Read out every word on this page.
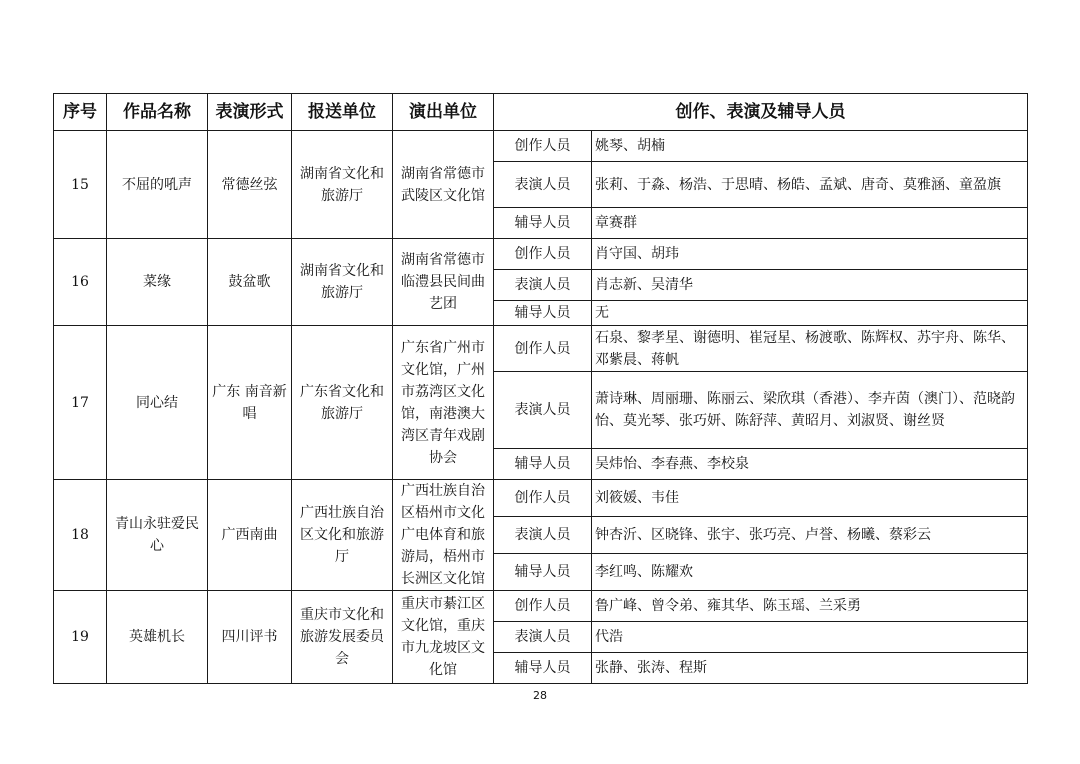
序号	作品名称	表演形式	报送单位	演出单位	创作、表演及辅导人员	
15	不屈的吼声	常德丝弦	湖南省文化和旅游厅	湖南省常德市武陵区文化馆	创作人员	姚琴、胡楠
					表演人员	张莉、于淼、杨浩、于思晴、杨皓、孟斌、唐奇、莫雅涵、童盈旗
					辅导人员	章赛群
16	菜缘	鼓盆歌	湖南省文化和旅游厅	湖南省常德市临澧县民间曲艺团	创作人员	肖守国、胡玮
					表演人员	肖志新、吴清华
					辅导人员	无
17	同心结	广东 南音新唱	广东省文化和旅游厅	广东省广州市文化馆，广州市荔湾区文化馆，南港澳大湾区青年戏剧协会	创作人员	石泉、黎孝星、谢德明、崔冠星、杨渡歌、陈辉权、苏宇舟、陈华、邓紫晨、蒋帆
					表演人员	萧诗琳、周丽珊、陈丽云、梁欣琪（香港）、李卉茵（澳门）、范晓韵怡、莫光琴、张巧妍、陈舒萍、黄昭月、刘淑贤、谢丝贤
					辅导人员	吴炜怡、李春燕、李校泉
18	青山永驻爱民心	广西南曲	广西壮族自治区文化和旅游厅	广西壮族自治区梧州市文化广电体育和旅游局，梧州市长洲区文化馆	创作人员	刘筱媛、韦佳
					表演人员	钟杏沂、区晓锋、张宇、张巧亮、卢誉、杨曦、蔡彩云
					辅导人员	李红鸣、陈耀欢
19	英雄机长	四川评书	重庆市文化和旅游发展委员会	重庆市綦江区文化馆，重庆市九龙坡区文化馆	创作人员	鲁广峰、曾令弟、雍其华、陈玉瑶、兰采勇
					表演人员	代浩
					辅导人员	张静、张涛、程斯
28
